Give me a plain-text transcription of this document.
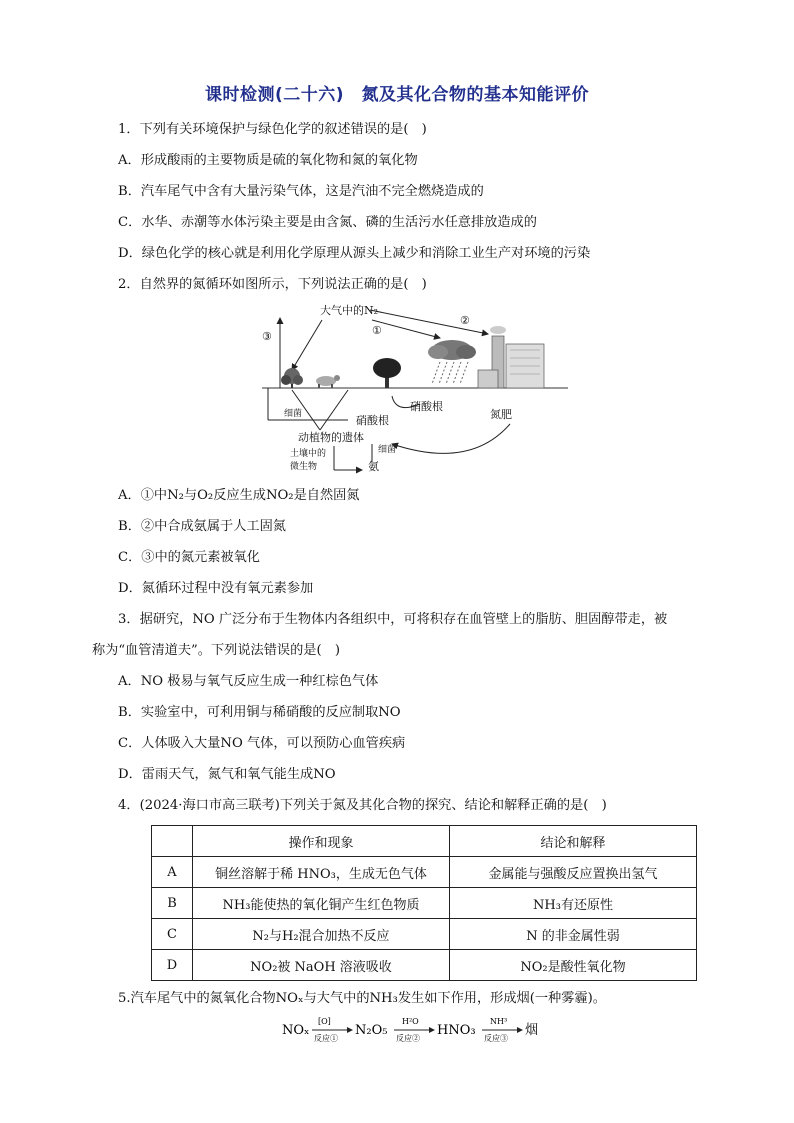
课时检测(二十六)　氮及其化合物的基本知能评价
1．下列有关环境保护与绿色化学的叙述错误的是(　)
A．形成酸雨的主要物质是硫的氧化物和氮的氧化物
B．汽车尾气中含有大量污染气体，这是汽油不完全燃烧造成的
C．水华、赤潮等水体污染主要是由含氮、磷的生活污水任意排放造成的
D．绿色化学的核心就是利用化学原理从源头上减少和消除工业生产对环境的污染
2．自然界的氮循环如图所示，下列说法正确的是(　)
③
大气中的N₂
①
②
细菌	硝酸根
动植物的遗体
细菌
土壤中的
微生物	氨
硝酸根
氮肥
A．①中N₂与O₂反应生成NO₂是自然固氮
B．②中合成氨属于人工固氮
C．③中的氮元素被氧化
D．氮循环过程中没有氧元素参加
3．据研究，NO 广泛分布于生物体内各组织中，可将积存在血管壁上的脂肪、胆固醇带走，被
称为“血管清道夫”。下列说法错误的是(　)
A．NO 极易与氧气反应生成一种红棕色气体
B．实验室中，可利用铜与稀硝酸的反应制取NO
C．人体吸入大量NO 气体，可以预防心血管疾病
D．雷雨天气，氮气和氧气能生成NO
4．(2024·海口市高三联考)下列关于氮及其化合物的探究、结论和解释正确的是(　)
	操作和现象	结论和解释
A	铜丝溶解于稀 HNO₃，生成无色气体	金属能与强酸反应置换出氢气
B	NH₃能使热的氧化铜产生红色物质	NH₃有还原性
C	N₂与H₂混合加热不反应	N 的非金属性弱
D	NO₂被 NaOH 溶液吸收	NO₂是酸性氧化物
5.汽车尾气中的氮氧化合物NOₓ与大气中的NH₃发生如下作用，形成烟(一种雾霾)。
NOₓ
[O]
反应①
N₂O₅
H²O
反应②
HNO₃
NH³
反应③
烟
